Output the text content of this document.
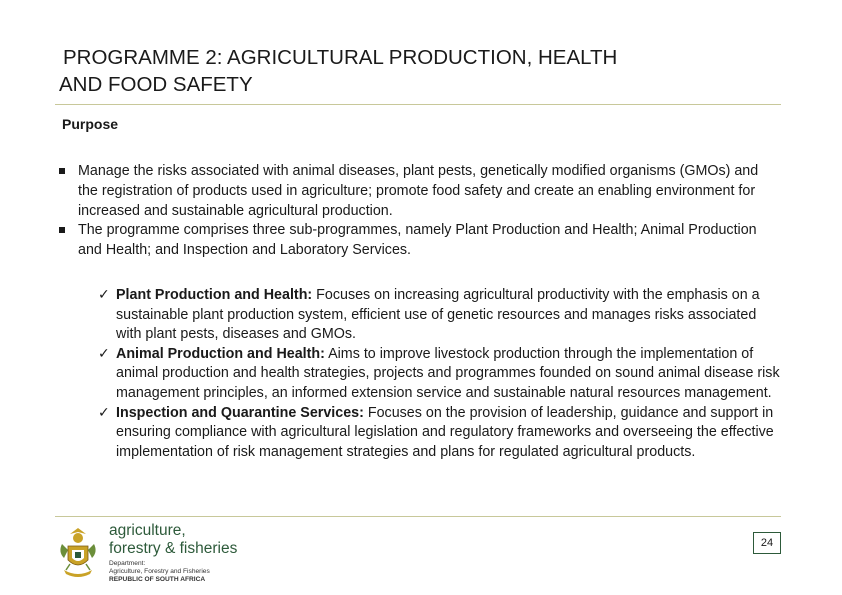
PROGRAMME 2: AGRICULTURAL PRODUCTION, HEALTH
AND FOOD SAFETY
Purpose
Manage the risks associated with animal diseases, plant pests, genetically modified organisms (GMOs) and the registration of products used in agriculture; promote food safety and create an enabling environment for increased and sustainable agricultural production.
The programme comprises three sub-programmes, namely Plant Production and Health; Animal Production and Health; and Inspection and Laboratory Services.
✓ Plant Production and Health: Focuses on increasing agricultural productivity with the emphasis on a sustainable plant production system, efficient use of genetic resources and manages risks associated with plant pests, diseases and GMOs.
✓ Animal Production and Health: Aims to improve livestock production through the implementation of animal production and health strategies, projects and programmes founded on sound animal disease risk management principles, an informed extension service and sustainable natural resources management.
✓ Inspection and Quarantine Services: Focuses on the provision of leadership, guidance and support in ensuring compliance with agricultural legislation and regulatory frameworks and overseeing the effective implementation of risk management strategies and plans for regulated agricultural products.
agriculture,
forestry & fisheries
Department:
Agriculture, Forestry and Fisheries
REPUBLIC OF SOUTH AFRICA
24
